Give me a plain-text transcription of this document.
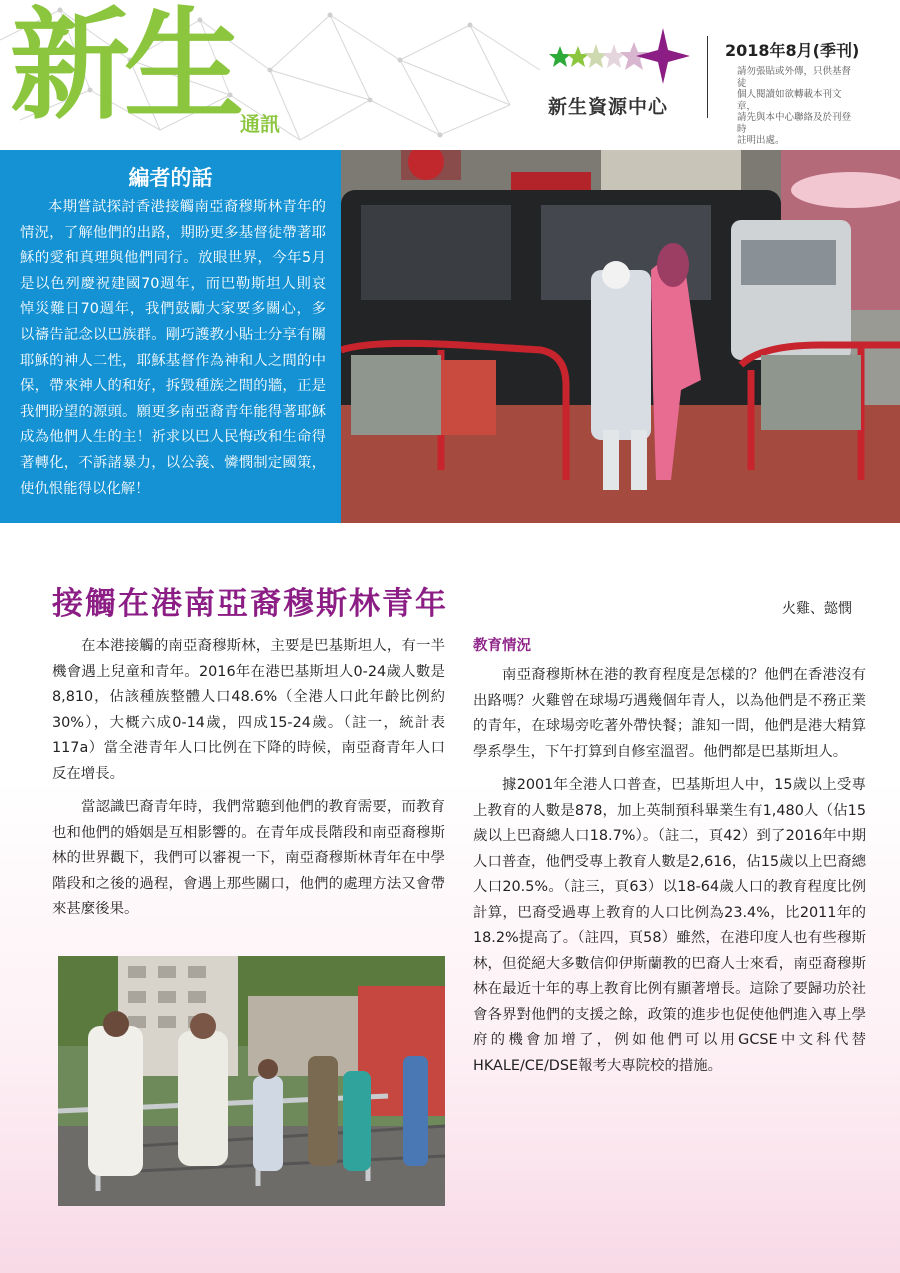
新生 通訊
新生資源中心
2018年8月(季刊)
請勿張貼或外傳，只供基督徒
個人閱讀如欲轉載本刊文章，
請先與本中心聯絡及於刊登時
註明出處。
編者的話
本期嘗試探討香港接觸南亞裔穆斯林青年的情況，了解他們的出路，期盼更多基督徒帶著耶穌的愛和真理與他們同行。放眼世界，今年5月是以色列慶祝建國70週年，而巴勒斯坦人則哀悼災難日70週年，我們鼓勵大家要多關心，多以禱告記念以巴族群。剛巧護教小貼士分享有關耶穌的神人二性，耶穌基督作為神和人之間的中保，帶來神人的和好，拆毀種族之間的牆，正是我們盼望的源頭。願更多南亞裔青年能得著耶穌成為他們人生的主！祈求以巴人民悔改和生命得著轉化，不訴諸暴力，以公義、憐憫制定國策，使仇恨能得以化解！
接觸在港南亞裔穆斯林青年	火雞、懿憫

在本港接觸的南亞裔穆斯林，主要是巴基斯坦人，有一半機會遇上兒童和青年。2016年在港巴基斯坦人0-24歲人數是8,810，佔該種族整體人口48.6%（全港人口此年齡比例約30%），大概六成0-14歲，四成15-24歲。（註一，統計表117a）當全港青年人口比例在下降的時候，南亞裔青年人口反在增長。

當認識巴裔青年時，我們常聽到他們的教育需要，而教育也和他們的婚姻是互相影響的。在青年成長階段和南亞裔穆斯林的世界觀下，我們可以審視一下，南亞裔穆斯林青年在中學階段和之後的過程，會遇上那些關口，他們的處理方法又會帶來甚麼後果。

教育情況

南亞裔穆斯林在港的教育程度是怎樣的？他們在香港沒有出路嗎？火雞曾在球場巧遇幾個年青人，以為他們是不務正業的青年，在球場旁吃著外帶快餐；誰知一問，他們是港大精算學系學生，下午打算到自修室溫習。他們都是巴基斯坦人。

據2001年全港人口普查，巴基斯坦人中，15歲以上受專上教育的人數是878，加上英制預科畢業生有1,480人（佔15歲以上巴裔總人口18.7%）。（註二，頁42）到了2016年中期人口普查，他們受專上教育人數是2,616，佔15歲以上巴裔總人口20.5%。（註三，頁63）以18-64歲人口的教育程度比例計算，巴裔受過專上教育的人口比例為23.4%，比2011年的18.2%提高了。（註四，頁58）雖然，在港印度人也有些穆斯林，但從絕大多數信仰伊斯蘭教的巴裔人士來看，南亞裔穆斯林在最近十年的專上教育比例有顯著增長。這除了要歸功於社會各界對他們的支援之餘，政策的進步也促使他們進入專上學府的機會加增了，例如他們可以用GCSE中文科代替HKALE/CE/DSE報考大專院校的措施。
